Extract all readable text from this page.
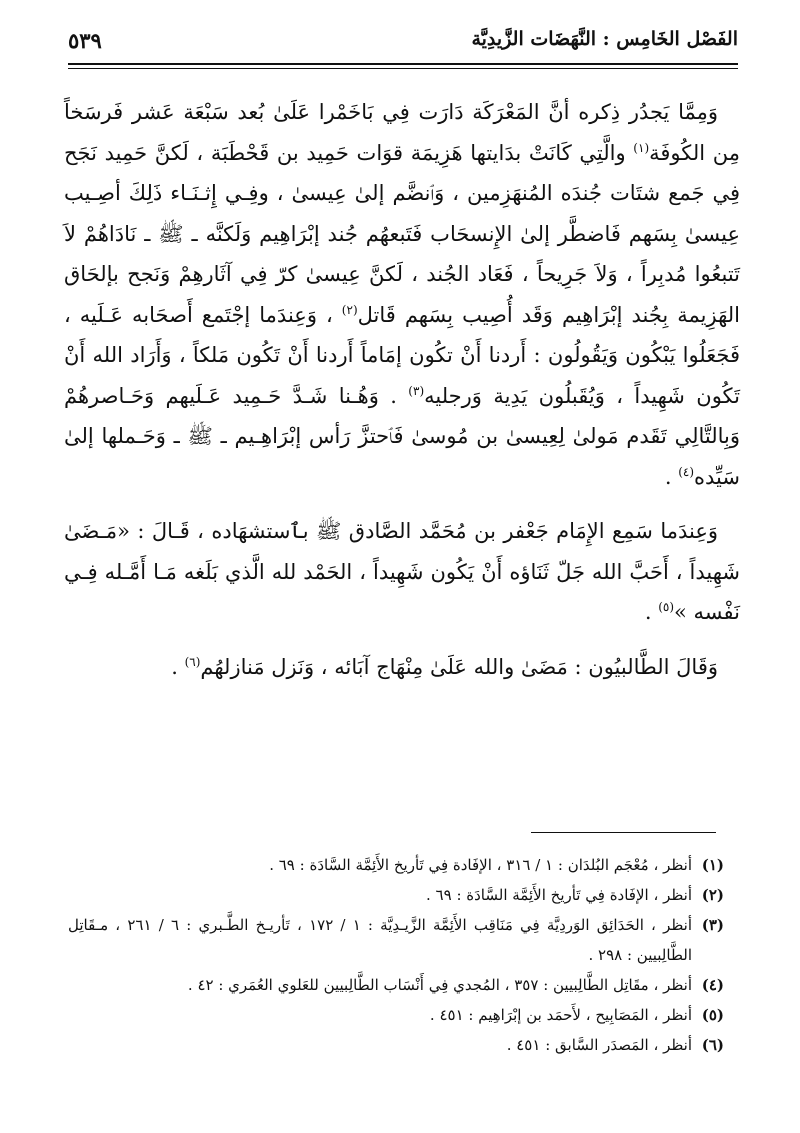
الفَصْل الخَامِس : النَّهَضَات الزَّيدِيَّة
٥٣٩

وَمِمَّا يَجدُر ذِكره أنَّ المَعْرَكَة دَارَت فِي بَاخَمْرا عَلَىٰ بُعد سَبْعَة عَشر فَرسَخاً مِن الكُوفَة$^{(١)}$ والَّتِي كَانَتْ بدَايتها هَزِيمَة قوَات حَمِيد بن قَحْطَبَة ، لَكنَّ حَمِيد نَجَح فِي جَمع شتَات جُندَه المُنهَزِمين ، وَٱنضَّم إلىٰ عِيسىٰ ، وفِـي إِثـنَـاء ذَلِكَ أصِـيب عِيسىٰ بِسَهم فَاضطَّر إلىٰ الإِنسحَاب فَتَبعهُم جُند إبْرَاهِيم وَلَكنَّه ـ ﷺ ـ نَادَاهُمْ لاَ تَتبعُوا مُدبِراً ، وَلاَ جَرِيحاً ، فَعَاد الجُند ، لَكنَّ عِيسىٰ كرّ فِي آثَارهِمْ وَنَجح بإلحَاق الهَزِيمة بِجُند إبْرَاهِيم وَقَد أُصِيب بِسَهم قَاتل$^{(٢)}$ ، وَعِندَما إجْتَمع أَصحَابه عَـلَيه ، فَجَعَلُوا يَبْكُون وَيَقُولُون : أَردنا أَنْ تكُون إمَاماً أَردنا أَنْ تَكُون مَلكاً ، وَأَرَاد الله أَنْ تَكُون شَهِيداً ، وَيُقَبلُون يَدِية وَرجليه$^{(٣)}$ . وَهُـنا شَـدَّ حَـمِيد عَـلَيهم وَحَـاصرهُمْ وَبِالتَّالِي تَقَدم مَولىٰ لِعِيسىٰ بن مُوسىٰ فَٱحتزَّ رَأس إبْرَاهِـيم ـ ﷺ ـ وَحَـملها إلىٰ سَيِّده$^{(٤)}$ .

وَعِندَما سَمِع الإِمَام جَعْفر بن مُحَمَّد الصَّادق ﷺ بٱستشهَاده ، قَـالَ : «مَـضَىٰ شَهِيداً ، أَحَبَّ الله جَلّ ثَنَاؤه أَنْ يَكُون شَهِيداً ، الحَمْد لله الَّذي بَلَغه مَـا أَمَّـله فِـي نَفْسه »$^{(٥)}$ .

وَقَالَ الطَّالبيُون : مَضَىٰ والله عَلَىٰ مِنْهَاج آبَائه ، وَنَزل مَنازلهُم$^{(٦)}$ .

(١)
أنظر ، مُعْجَم البُلدَان : ١ / ٣١٦ ، الإفَادة فِي تَأريخ الأَئِمَّة السَّادَة : ٦٩ .
(٢)
أنظر ، الإفَادة فِي تَأريخ الأَئِمَّة السَّادَة : ٦٩ .
(٣)
أنظر ، الحَدَائِق الوَردِيَّة فِي مَنَاقِب الأَئِمَّة الزَّيـدِيَّة : ١ / ١٧٢ ، تَأريـخ الطَّـبري : ٦ / ٢٦١ ، مـقَاتِل الطَّالِبيين : ٢٩٨ .
(٤)
أنظر ، مقَاتِل الطَّالِبيين : ٣٥٧ ، المُجدي فِي أَنْسَاب الطَّالِبيين للعَلوي العُمَري : ٤٢ .
(٥)
أنظر ، المَصَابِيح ، لأَحمَد بن إبْرَاهِيم : ٤٥١ .
(٦)
أنظر ، المَصدَر السَّابق : ٤٥١ .
